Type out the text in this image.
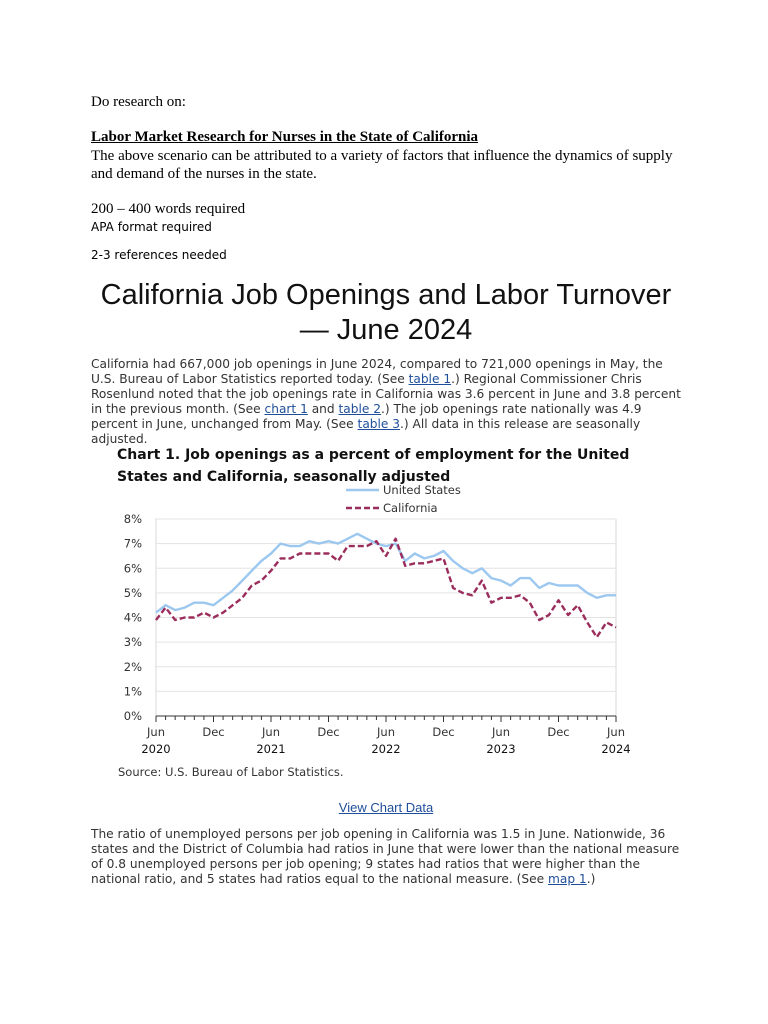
Do research on:
Labor Market Research for Nurses in the State of California
The above scenario can be attributed to a variety of factors that influence the dynamics of supply and demand of the nurses in the state.
200 – 400 words required
APA format required
2-3 references needed
California Job Openings and Labor Turnover — June 2024
California had 667,000 job openings in June 2024, compared to 721,000 openings in May, the U.S. Bureau of Labor Statistics reported today. (See table 1.) Regional Commissioner Chris Rosenlund noted that the job openings rate in California was 3.6 percent in June and 3.8 percent in the previous month. (See chart 1 and table 2.) The job openings rate nationally was 4.9 percent in June, unchanged from May. (See table 3.) All data in this release are seasonally adjusted.
Chart 1. Job openings as a percent of employment for the United States and California, seasonally adjusted
0%
1%
2%
3%
4%
5%
6%
7%
8%
Jun
2020
Dec	Jun
2021
Dec	Jun
2022
Dec	Jun
2023
Dec	Jun
2024
United States
California
Source: U.S. Bureau of Labor Statistics.
View Chart Data
The ratio of unemployed persons per job opening in California was 1.5 in June. Nationwide, 36 states and the District of Columbia had ratios in June that were lower than the national measure of 0.8 unemployed persons per job opening; 9 states had ratios that were higher than the national ratio, and 5 states had ratios equal to the national measure. (See map 1.)
